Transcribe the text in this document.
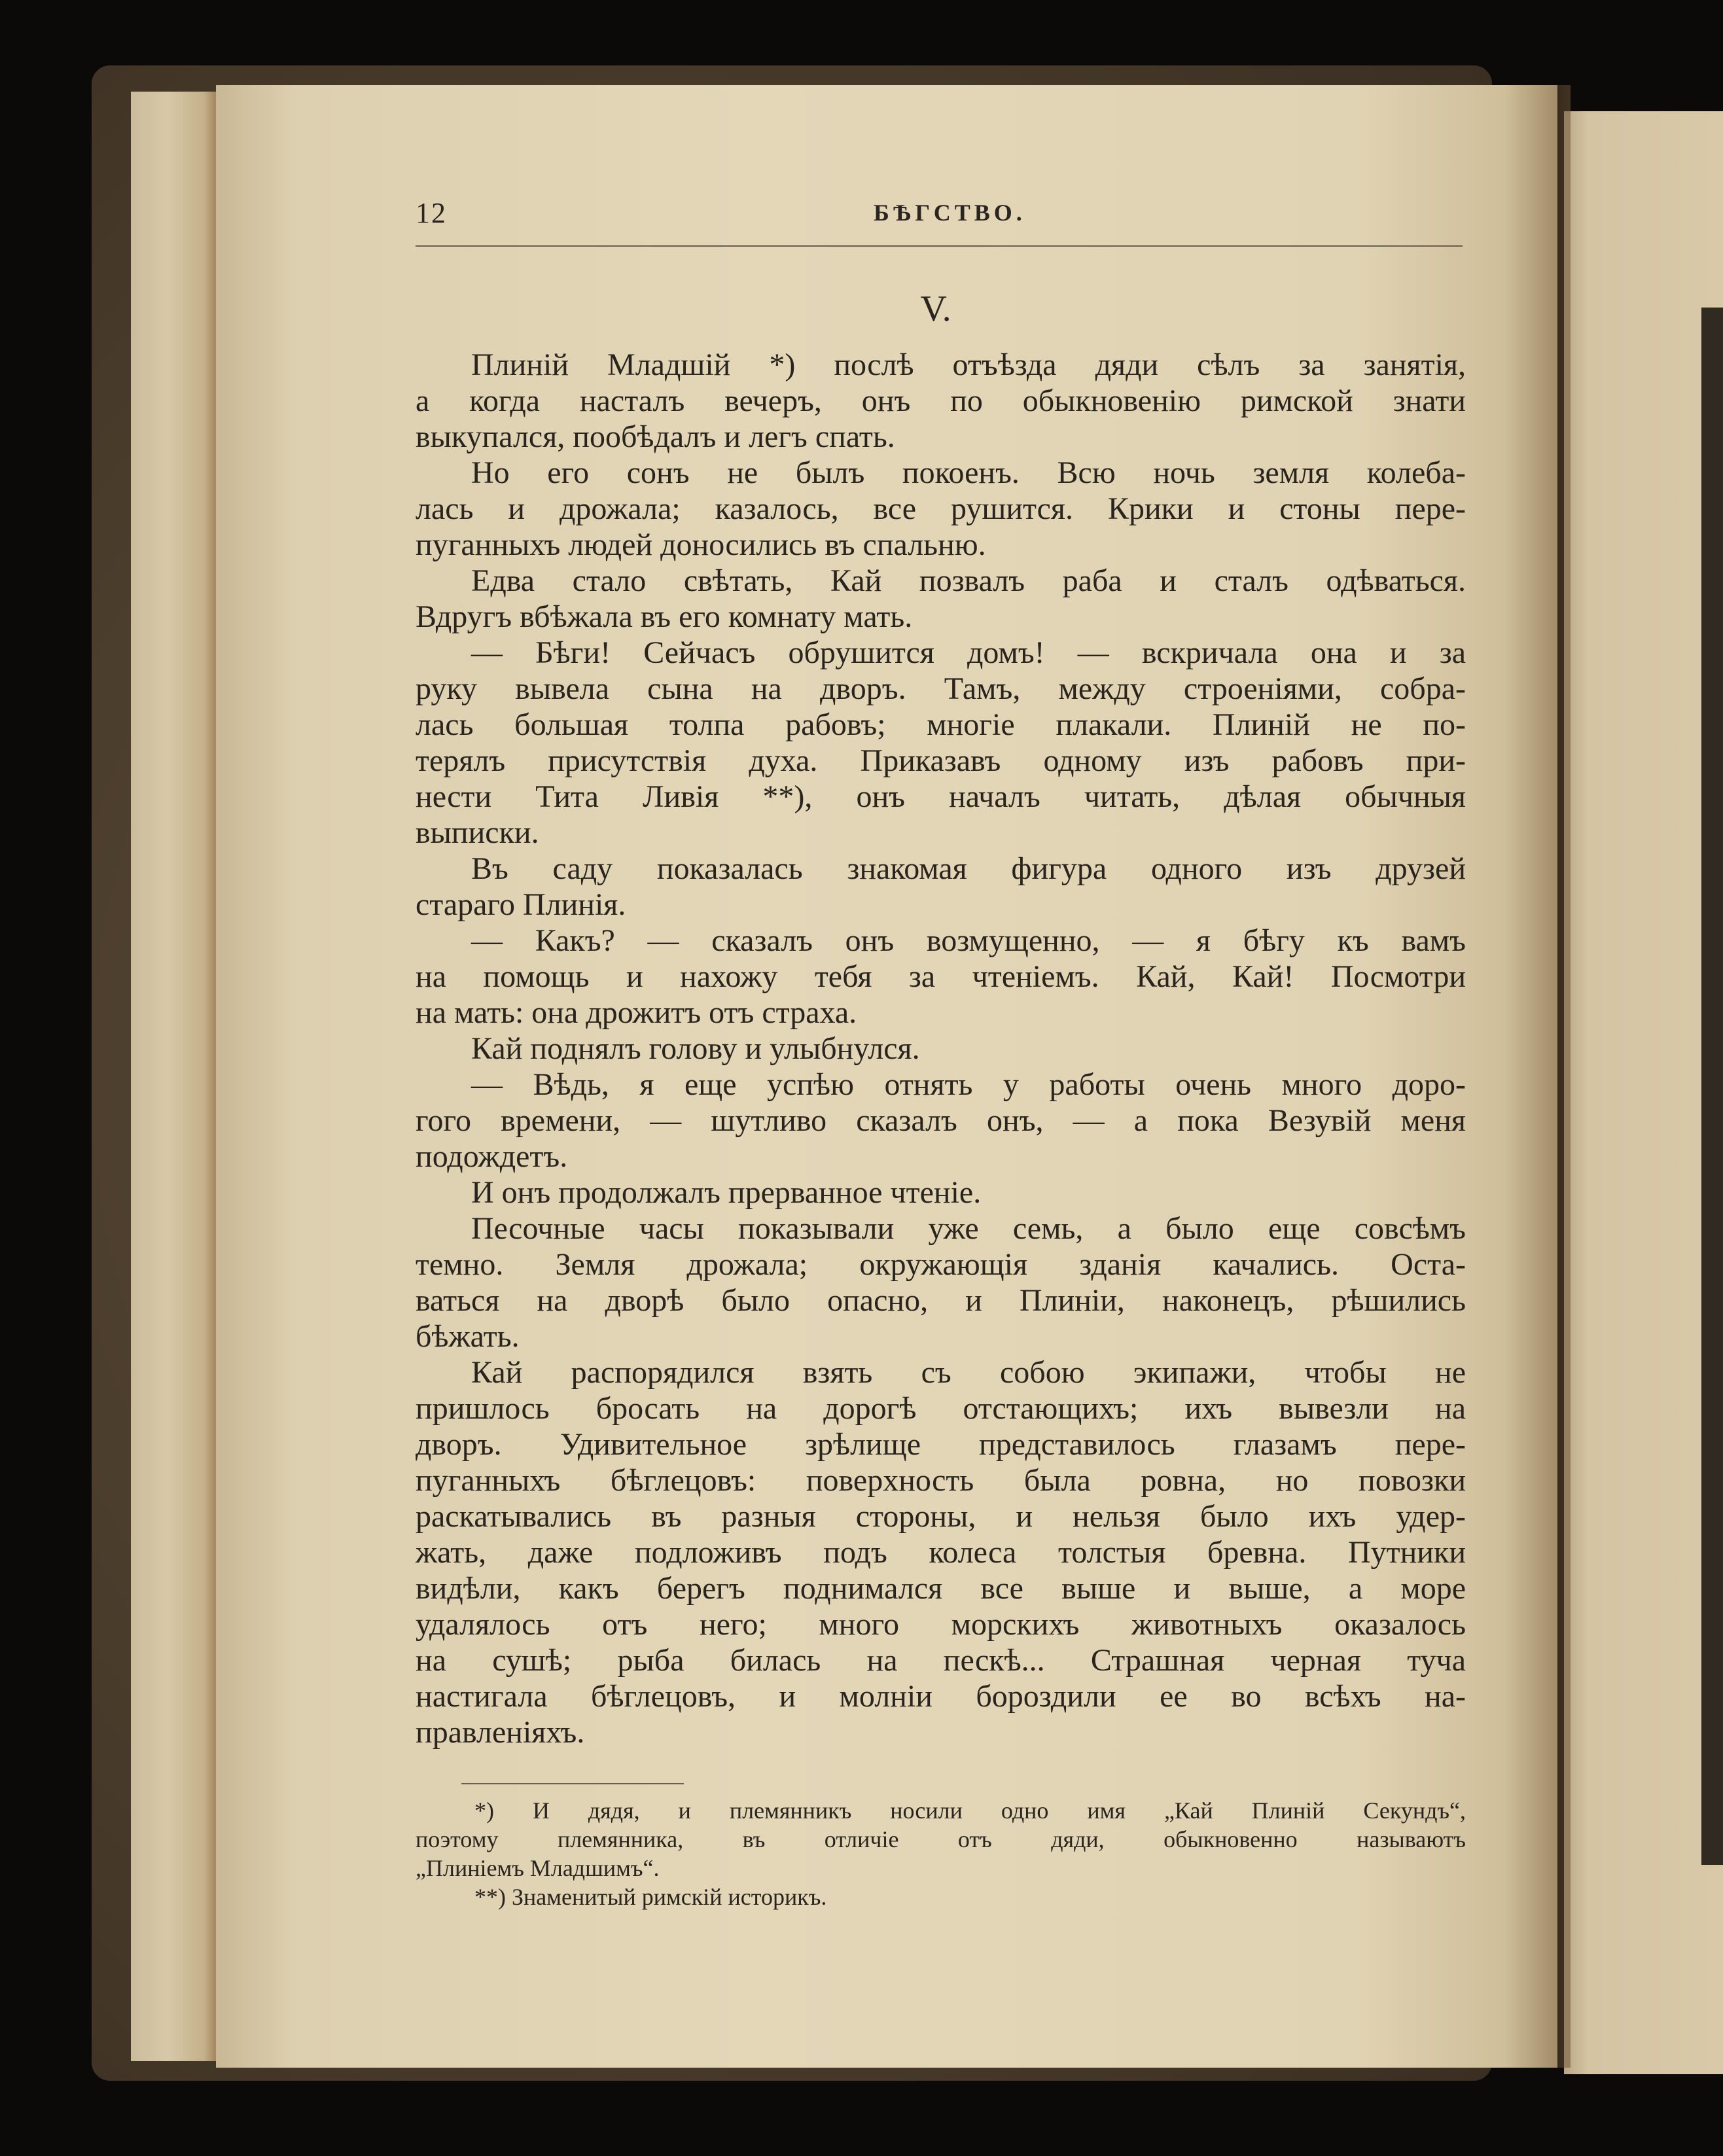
12	БѢГСТВО.
V.
Плиній Младшій *) послѣ отъѣзда дяди сѣлъ за занятія,
а когда насталъ вечеръ, онъ по обыкновенію римской знати
выкупался, пообѣдалъ и легъ спать.
Но его сонъ не былъ покоенъ. Всю ночь земля колеба-
лась и дрожала; казалось, все рушится. Крики и стоны пере-
пуганныхъ людей доносились въ спальню.
Едва стало свѣтать, Кай позвалъ раба и сталъ одѣваться.
Вдругъ вбѣжала въ его комнату мать.
— Бѣги! Сейчасъ обрушится домъ! — вскричала она и за
руку вывела сына на дворъ. Тамъ, между строеніями, собра-
лась большая толпа рабовъ; многіе плакали. Плиній не по-
терялъ присутствія духа. Приказавъ одному изъ рабовъ при-
нести Тита Ливія **), онъ началъ читать, дѣлая обычныя
выписки.
Въ саду показалась знакомая фигура одного изъ друзей
стараго Плинія.
— Какъ? — сказалъ онъ возмущенно, — я бѣгу къ вамъ
на помощь и нахожу тебя за чтеніемъ. Кай, Кай! Посмотри
на мать: она дрожитъ отъ страха.
Кай поднялъ голову и улыбнулся.
— Вѣдь, я еще успѣю отнять у работы очень много доро-
гого времени, — шутливо сказалъ онъ, — а пока Везувій меня
подождетъ.
И онъ продолжалъ прерванное чтеніе.
Песочные часы показывали уже семь, а было еще совсѣмъ
темно. Земля дрожала; окружающія зданія качались. Оста-
ваться на дворѣ было опасно, и Плиніи, наконецъ, рѣшились
бѣжать.
Кай распорядился взять съ собою экипажи, чтобы не
пришлось бросать на дорогѣ отстающихъ; ихъ вывезли на
дворъ. Удивительное зрѣлище представилось глазамъ пере-
пуганныхъ бѣглецовъ: поверхность была ровна, но повозки
раскатывались въ разныя стороны, и нельзя было ихъ удер-
жать, даже подложивъ подъ колеса толстыя бревна. Путники
видѣли, какъ берегъ поднимался все выше и выше, а море
удалялось отъ него; много морскихъ животныхъ оказалось
на сушѣ; рыба билась на пескѣ... Страшная черная туча
настигала бѣглецовъ, и молніи бороздили ее во всѣхъ на-
правленіяхъ.
*) И дядя, и племянникъ носили одно имя „Кай Плиній Секундъ“,
поэтому племянника, въ отличіе отъ дяди, обыкновенно называютъ
„Плиніемъ Младшимъ“.
**) Знаменитый римскій историкъ.
